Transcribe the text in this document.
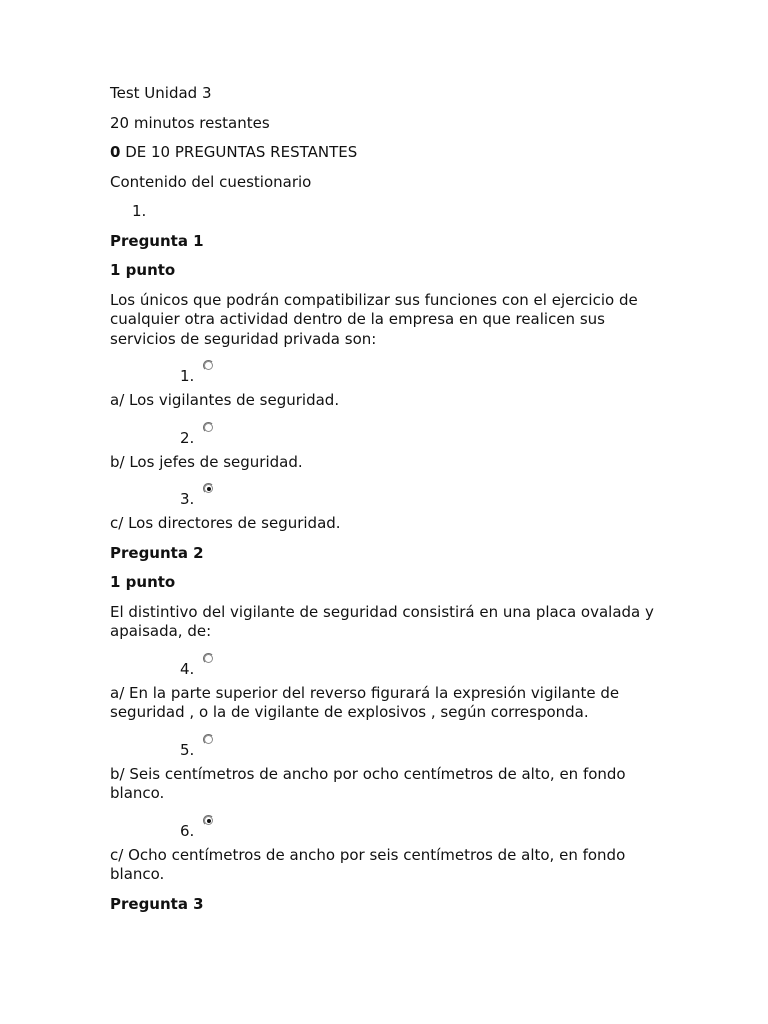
Test Unidad 3

20 minutos restantes

0 DE 10 PREGUNTAS RESTANTES

Contenido del cuestionario

1.

Pregunta 1

1 punto

Los únicos que podrán compatibilizar sus funciones con el ejercicio de cualquier otra actividad dentro de la empresa en que realicen sus servicios de seguridad privada son:

1.

a/ Los vigilantes de seguridad.

2.

b/ Los jefes de seguridad.

3.

c/ Los directores de seguridad.

Pregunta 2

1 punto

El distintivo del vigilante de seguridad consistirá en una placa ovalada y apaisada, de:

4.

a/ En la parte superior del reverso figurará la expresión vigilante de seguridad , o la de vigilante de explosivos , según corresponda.

5.

b/ Seis centímetros de ancho por ocho centímetros de alto, en fondo blanco.

6.

c/ Ocho centímetros de ancho por seis centímetros de alto, en fondo blanco.

Pregunta 3
